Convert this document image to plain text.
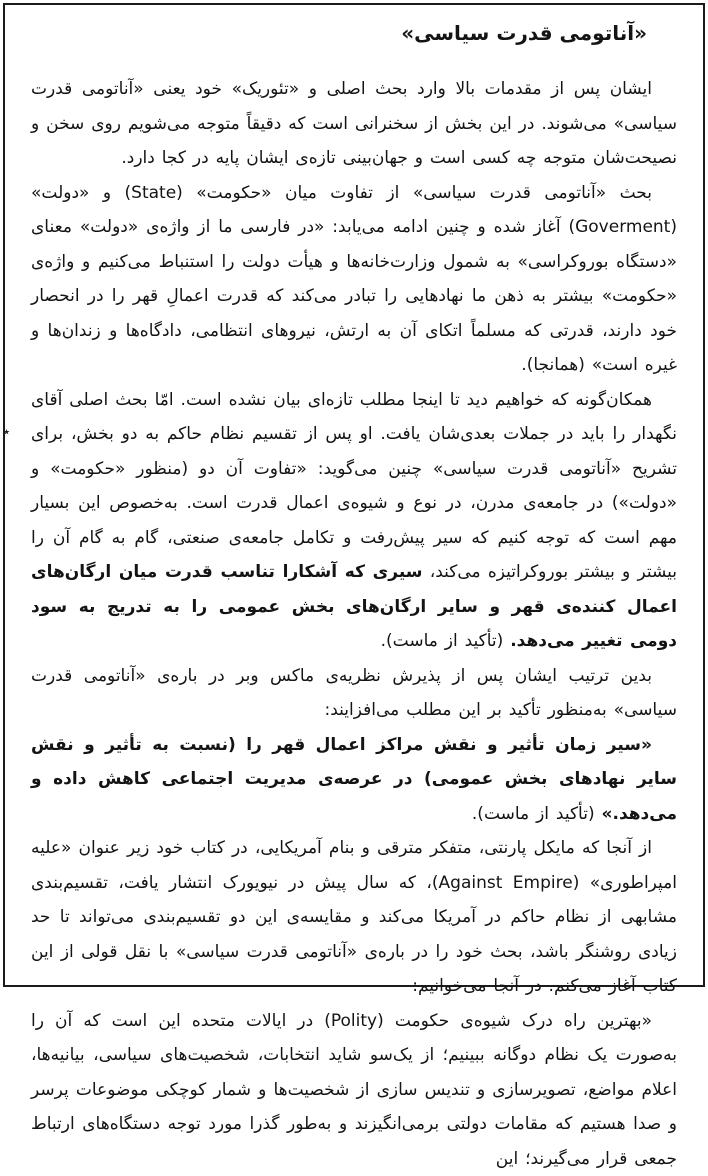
«آناتومی قدرت سیاسی»

ایشان پس از مقدمات بالا وارد بحث اصلی و «تئوریک» خود یعنی «آناتومی قدرت سیاسی» می‌شوند. در این بخش از سخنرانی است که دقیقاً متوجه می‌شویم روی سخن و نصیحت‌شان متوجه چه کسی است و جهان‌بینی تازه‌ی ایشان پایه در کجا دارد.

بحث «آناتومی قدرت سیاسی» از تفاوت میان «حکومت» (State) و «دولت» (Goverment) آغاز شده و چنین ادامه می‌یابد: «در فارسی ما از واژه‌ی «دولت» معنای «دستگاه بوروکراسی» به شمول وزارت‌خانه‌ها و هیأت دولت را استنباط می‌کنیم و واژه‌ی «حکومت» بیشتر به ذهن ما نهادهایی را تبادر می‌کند که قدرت اعمالِ قهر را در انحصار خود دارند، قدرتی که مسلماً اتکای آن به ارتش، نیروهای انتظامی، دادگاه‌ها و زندان‌ها و غیره است» (همانجا).

همکان‌گونه که خواهیم دید تا اینجا مطلب تازه‌ای بیان نشده است. امّا بحث اصلی آقای نگهدار را باید در جملات بعدی‌شان یافت. او پس از تقسیم نظام حاکم به دو بخش، برای تشریح «آناتومی قدرت سیاسی» چنین می‌گوید: «تفاوت آن دو (منظور «حکومت» و «دولت») در جامعه‌ی مدرن، در نوع و شیوه‌ی اعمال قدرت است. به‌خصوص این بسیار مهم است که توجه کنیم که سیر پیش‌رفت و تکامل جامعه‌ی صنعتی، گام به گام آن را بیشتر و بیشتر بوروکراتیزه می‌کند، سیری که آشکارا تناسب قدرت میان ارگان‌های اعمال کننده‌ی قهر و سایر ارگان‌های بخش عمومی را به تدریج به سود دومی تغییر می‌دهد. (تأکید از ماست).

بدین ترتیب ایشان پس از پذیرش نظریه‌ی ماکس وبر در باره‌ی «آناتومی قدرت سیاسی» به‌منظور تأکید بر این مطلب می‌افزایند:

«سیر زمان تأثیر و نقش مراکز اعمال قهر را (نسبت به تأثیر و نقش سایر نهادهای بخش عمومی) در عرصه‌ی مدیریت اجتماعی کاهش داده و می‌دهد.» (تأکید از ماست).

از آنجا که مایکل پارنتی، متفکر مترقی و بنام آمریکایی، در کتاب خود زیر عنوان «علیه امپراطوری» (Against Empire)، که سال پیش در نیویورک انتشار یافت، تقسیم‌بندی مشابهی از نظام حاکم در آمریکا می‌کند و مقایسه‌ی این دو تقسیم‌بندی می‌تواند تا حد زیادی روشنگر باشد، بحث خود را در باره‌ی «آناتومی قدرت سیاسی» با نقل قولی از این کتاب آغاز می‌کنم. در آنجا می‌خوانیم:

«بهترین راه درک شیوه‌ی حکومت (Polity) در ایالات متحده این است که آن را به‌صورت یک نظام دوگانه ببینیم؛ از یک‌سو شاید انتخابات، شخصیت‌های سیاسی، بیانیه‌ها، اعلام مواضع، تصویرسازی و تندیس سازی از شخصیت‌ها و شمار کوچکی موضوعات پرسر و صدا هستیم که مقامات دولتی برمی‌انگیزند و به‌طور گذرا مورد توجه دستگاه‌های ارتباط جمعی قرار می‌گیرند؛ این

٭
